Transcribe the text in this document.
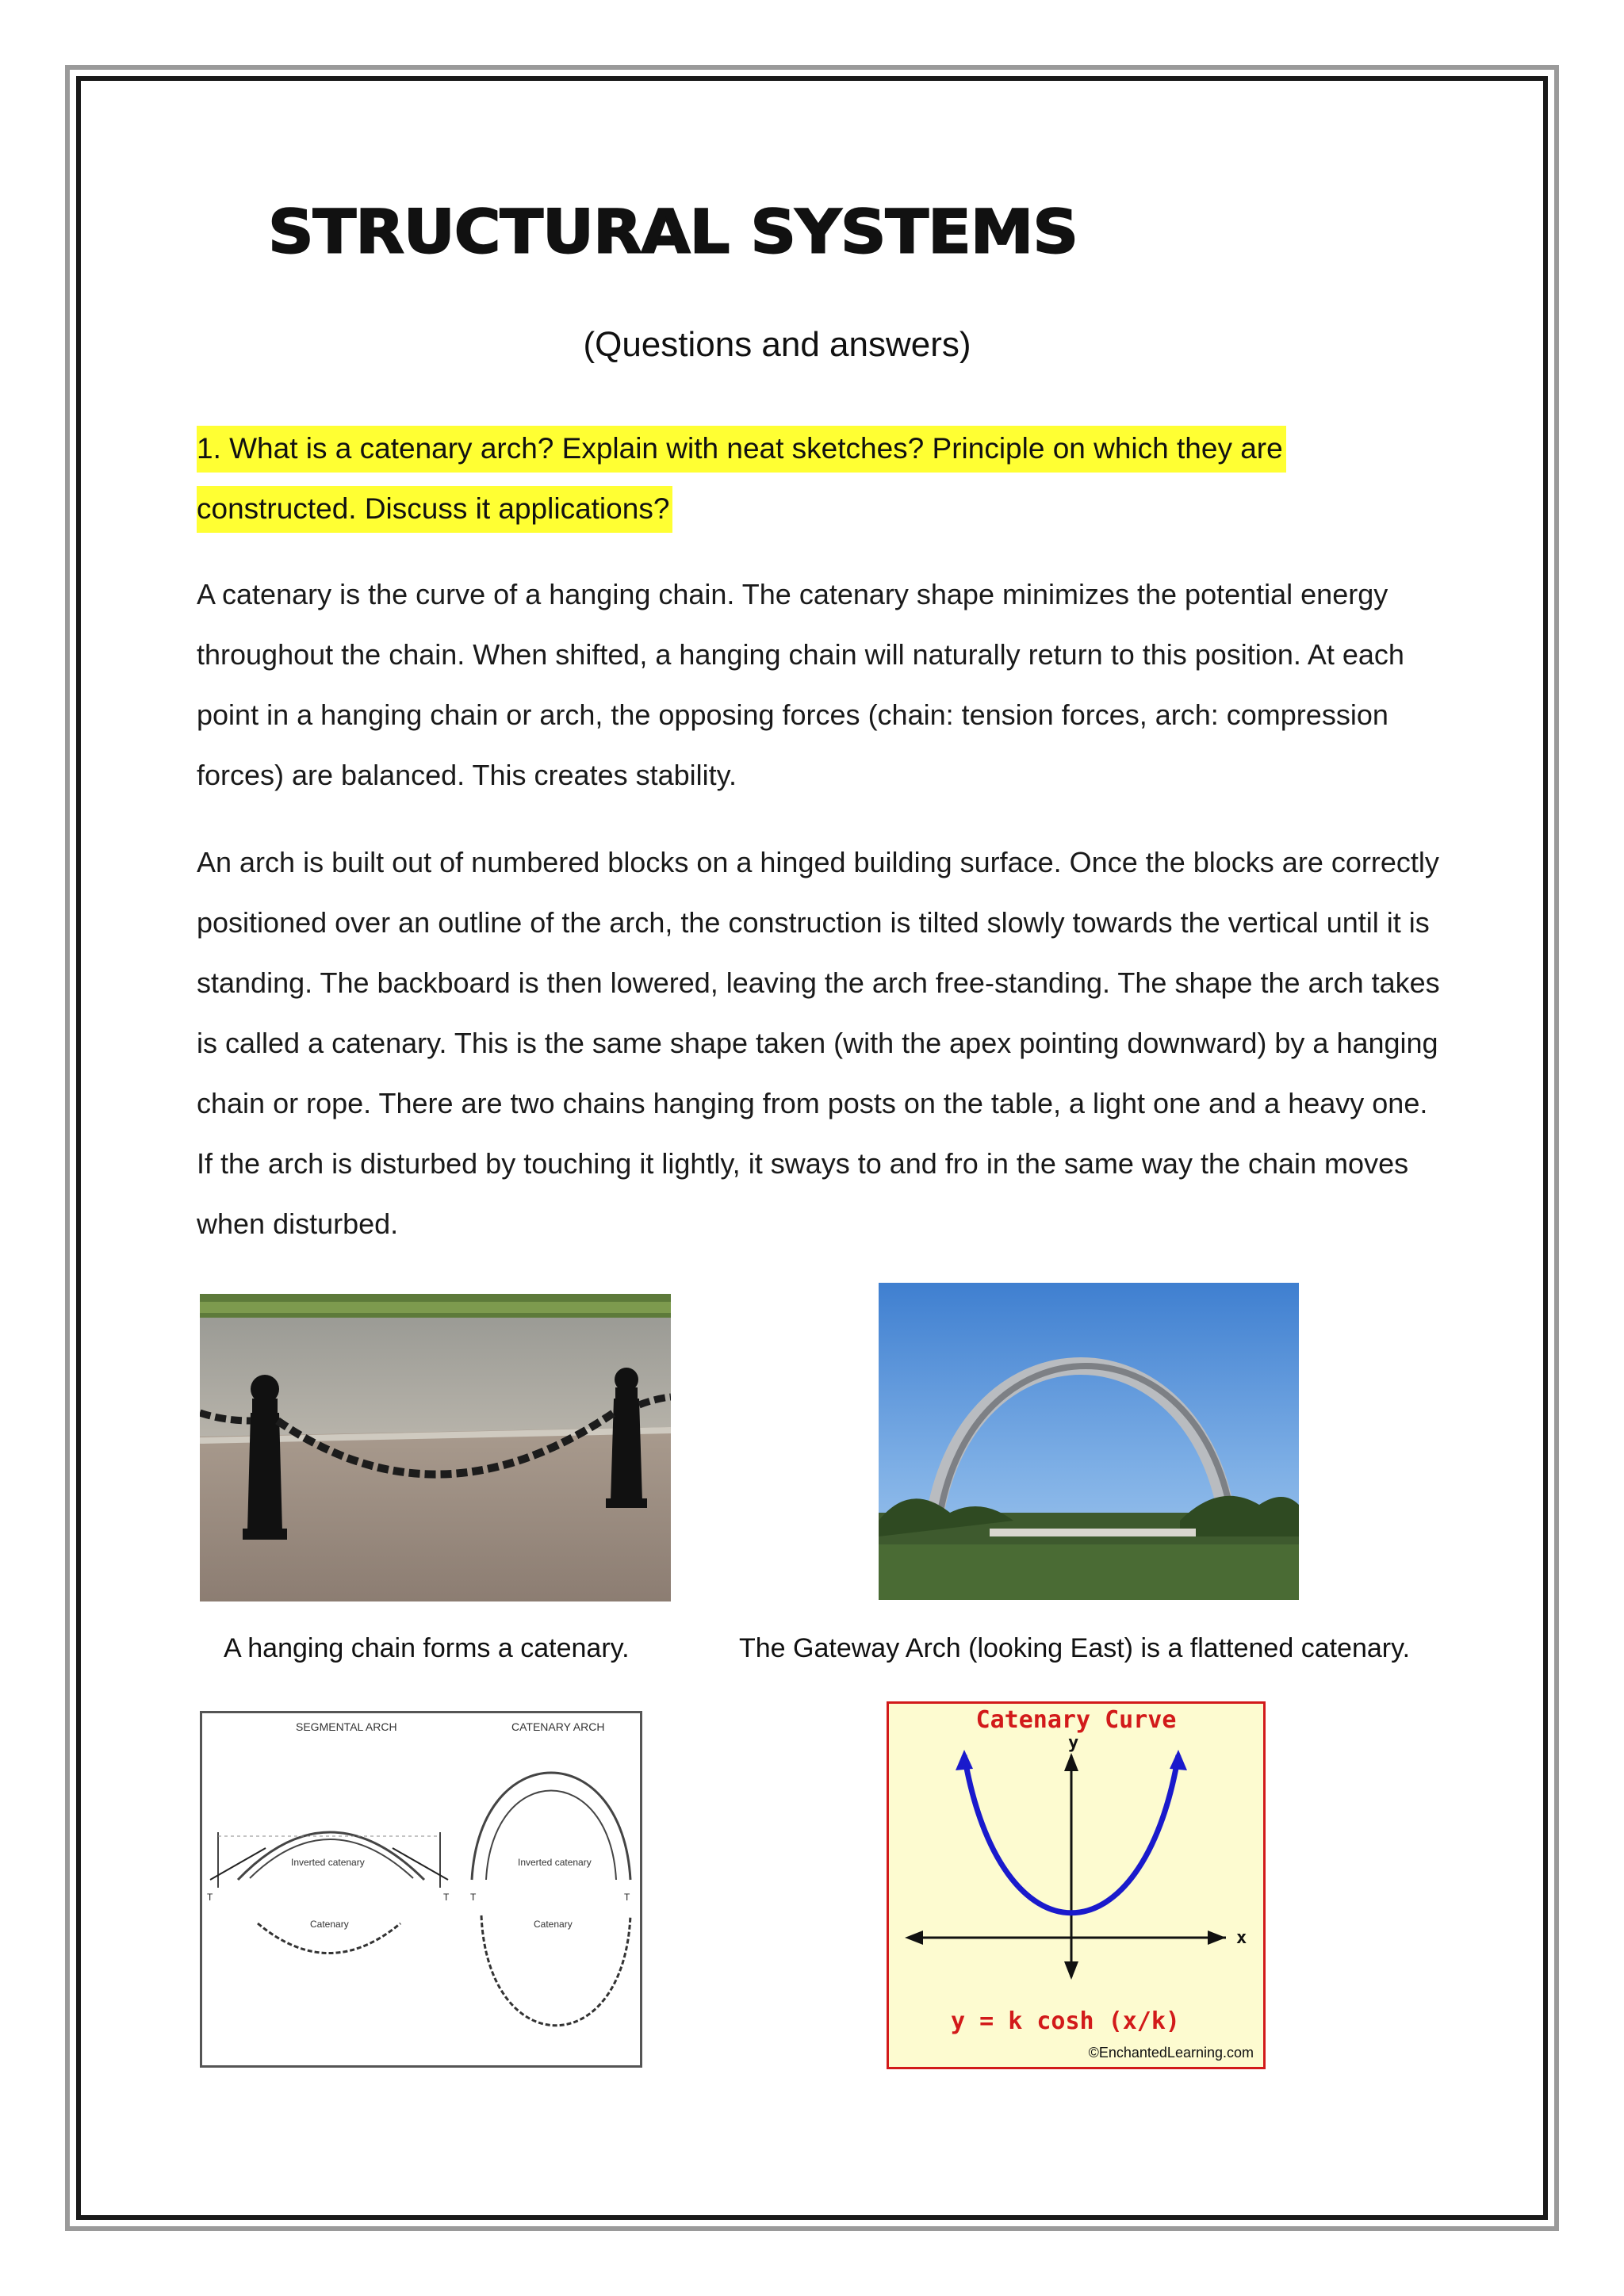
STRUCTURAL SYSTEMS
(Questions and answers)
1. What is a catenary arch? Explain with neat sketches? Principle on which they are
constructed. Discuss it applications?

A catenary is the curve of a hanging chain. The catenary shape minimizes the potential energy throughout the chain. When shifted, a hanging chain will naturally return to this position. At each point in a hanging chain or arch, the opposing forces (chain: tension forces, arch: compression forces) are balanced. This creates stability.

An arch is built out of numbered blocks on a hinged building surface. Once the blocks are correctly positioned over an outline of the arch, the construction is tilted slowly towards the vertical until it is standing. The backboard is then lowered, leaving the arch free-standing. The shape the arch takes is called a catenary. This is the same shape taken (with the apex pointing downward) by a hanging chain or rope. There are two chains hanging from posts on the table, a light one and a heavy one. If the arch is disturbed by touching it lightly, it sways to and fro in the same way the chain moves when disturbed.

A hanging chain forms a catenary.	The Gateway Arch (looking East) is a flattened catenary.
SEGMENTAL ARCH	CATENARY ARCH
Inverted catenary
T	T
Catenary
Inverted catenary
T	T
Catenary
Catenary Curve
y
x
y = k cosh (x/k)
©EnchantedLearning.com
